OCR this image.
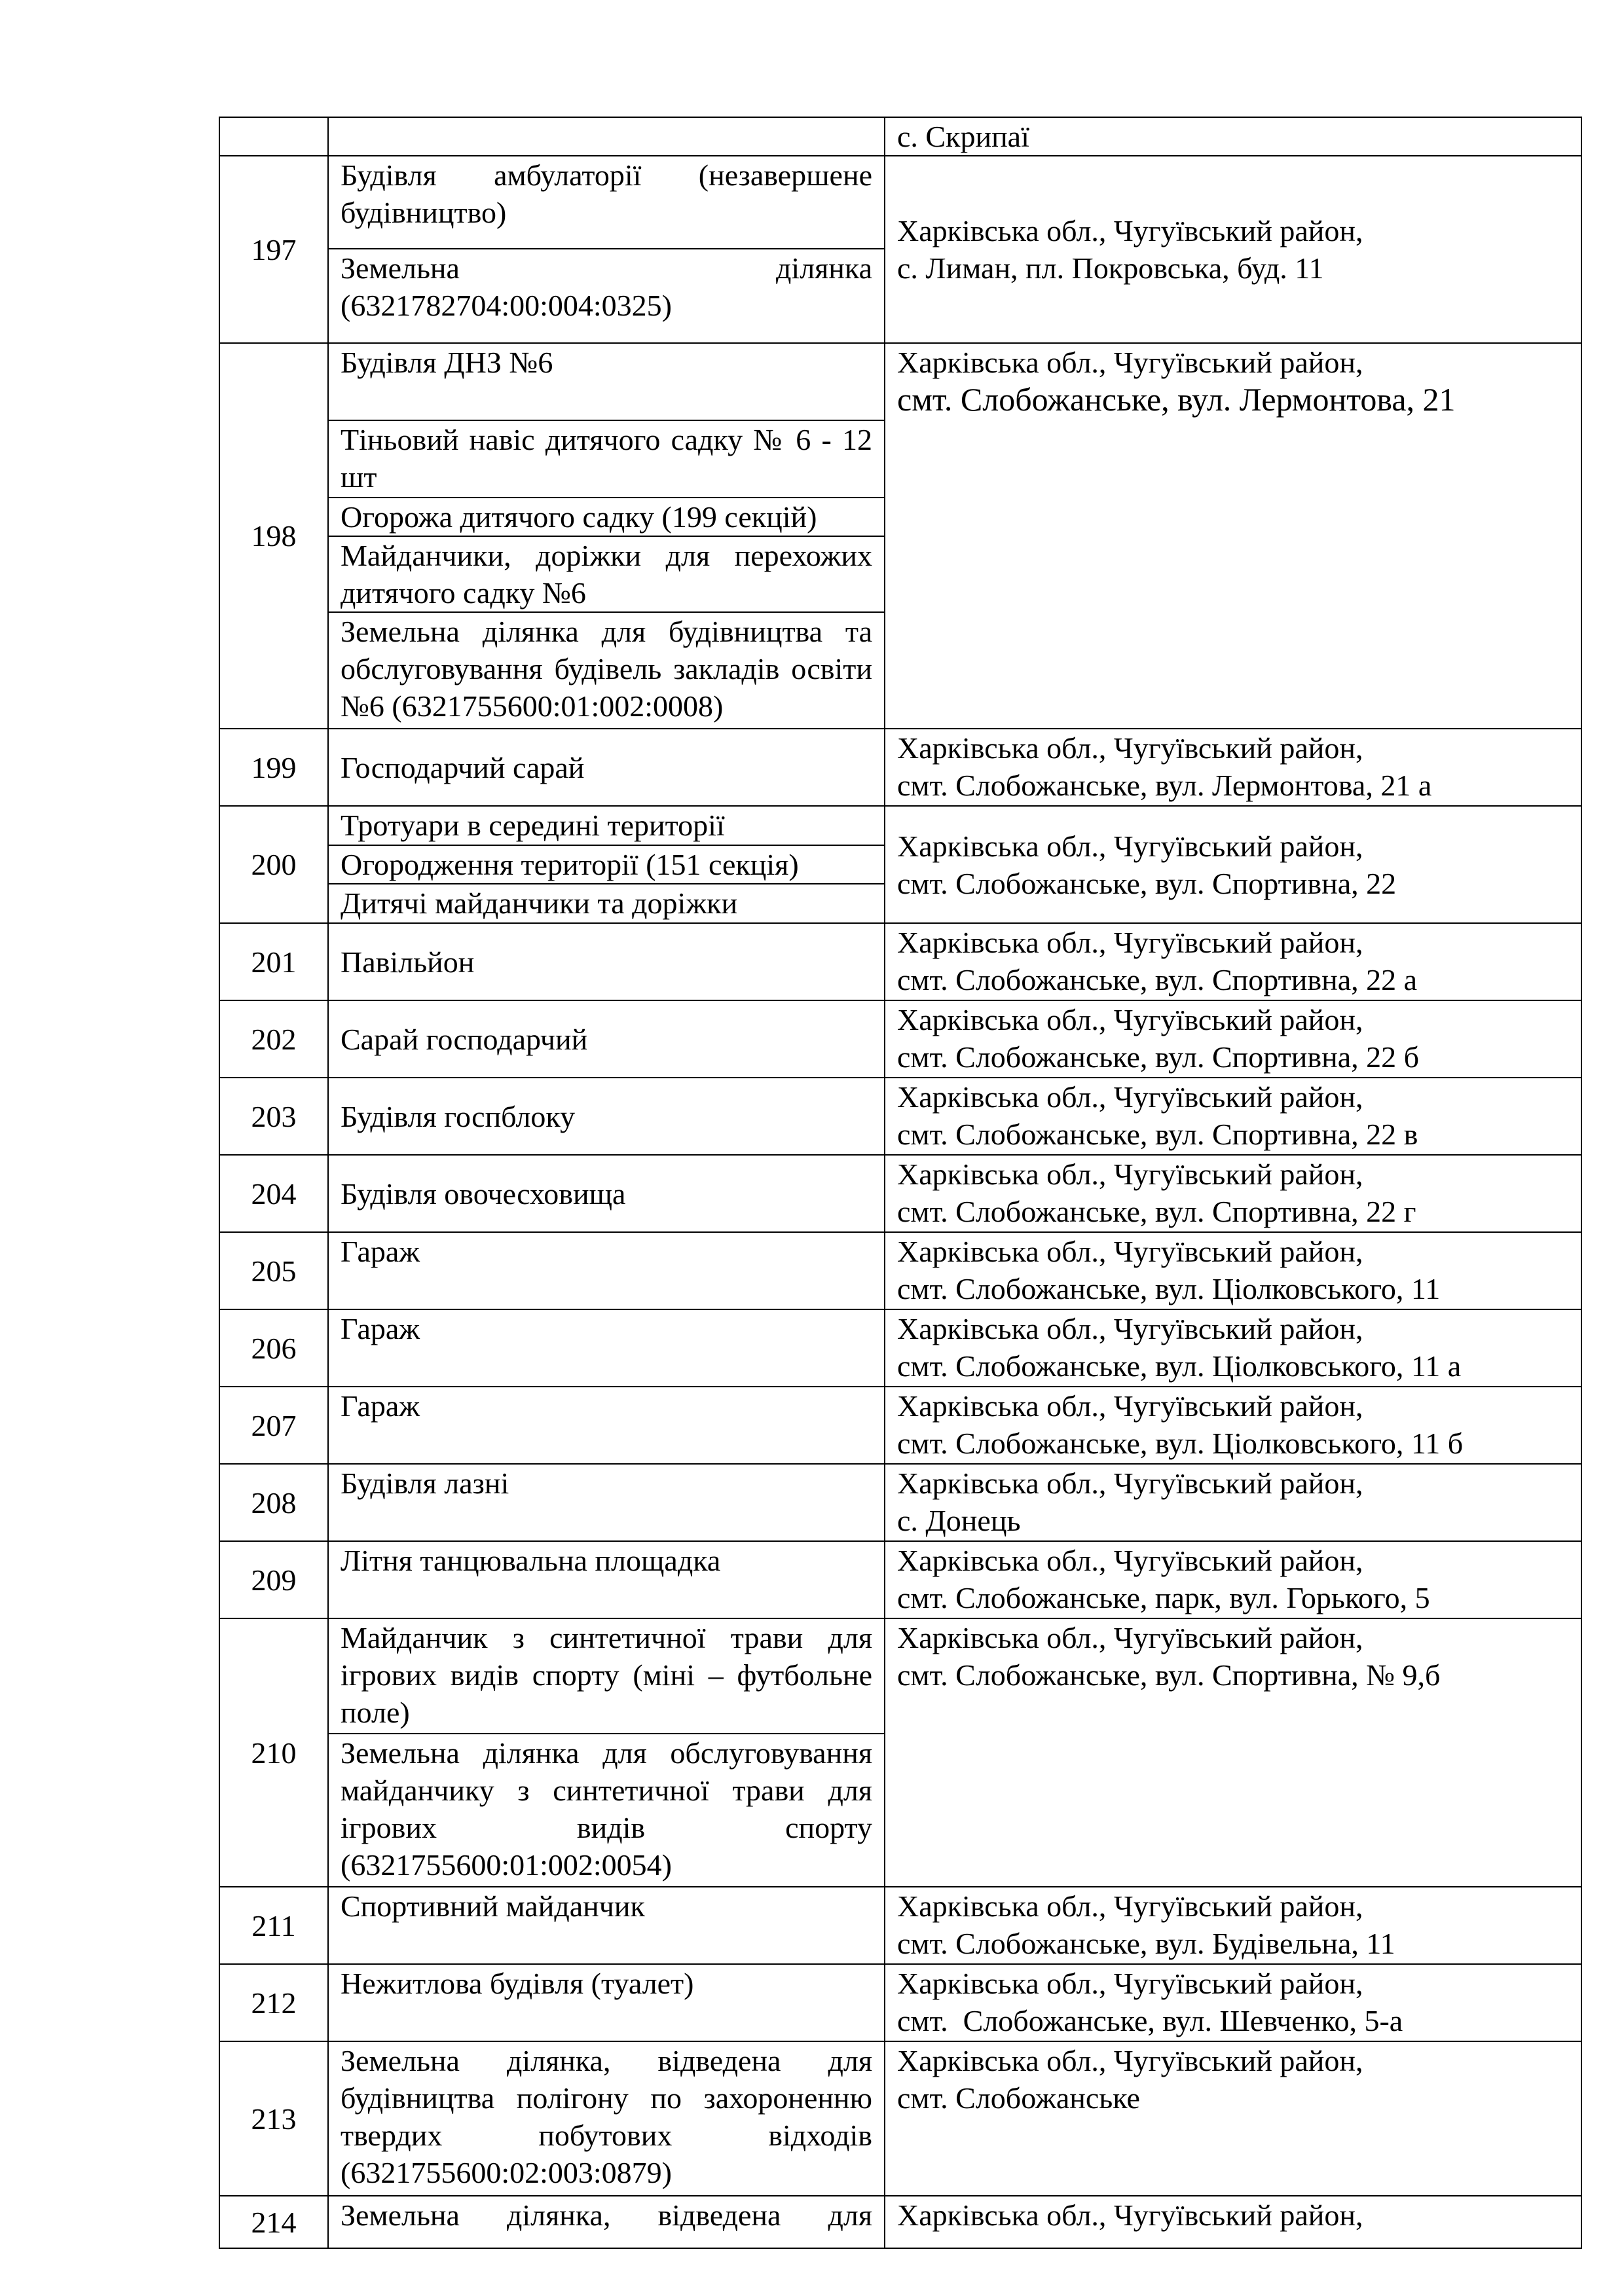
		с. Скрипаї

197	Будівля амбулаторії (незавершене будівництво)	Харківська обл., Чугуївський район,
с. Лиман, пл. Покровська, буд. 11

	Земельна ділянка (6321782704:00:004:0325)	
198	Будівля ДНЗ №6	Харківська обл., Чугуївський район,
смт. Слобожанське, вул. Лермонтова, 21

	Тіньовий навіс дитячого садку № 6 - 12 шт	
	Огорожа дитячого садку (199 секцій)	
	Майданчики, доріжки для перехожих дитячого садку №6	
	Земельна ділянка для будівництва та обслуговування будівель закладів освіти №6 (6321755600:01:002:0008)	
199	Господарчий сарай	Харківська обл., Чугуївський район,
смт. Слобожанське, вул. Лермонтова, 21 а

200	Тротуари в середині території	Харківська обл., Чугуївський район,
смт. Слобожанське, вул. Спортивна, 22

	Огородження території (151 секція)	
	Дитячі майданчики та доріжки	
201	Павільйон	Харківська обл., Чугуївський район,
смт. Слобожанське, вул. Спортивна, 22 а

202	Сарай господарчий	Харківська обл., Чугуївський район,
смт. Слобожанське, вул. Спортивна, 22 б

203	Будівля госпблоку	Харківська обл., Чугуївський район,
смт. Слобожанське, вул. Спортивна, 22 в

204	Будівля овочесховища	Харківська обл., Чугуївський район,
смт. Слобожанське, вул. Спортивна, 22 г

205	Гараж	Харківська обл., Чугуївський район,
смт. Слобожанське, вул. Ціолковського, 11

206	Гараж	Харківська обл., Чугуївський район,
смт. Слобожанське, вул. Ціолковського, 11 а

207	Гараж	Харківська обл., Чугуївський район,
смт. Слобожанське, вул. Ціолковського, 11 б

208	Будівля лазні	Харківська обл., Чугуївський район,
с. Донець

209	Літня танцювальна площадка	Харківська обл., Чугуївський район,
смт. Слобожанське, парк, вул. Горького, 5

210	Майданчик з синтетичної трави для ігрових видів спорту (міні – футбольне поле)	Харківська обл., Чугуївський район,
смт. Слобожанське, вул. Спортивна, № 9,б

	Земельна ділянка для обслуговування майданчику з синтетичної трави для ігрових видів спорту (6321755600:01:002:0054)	
211	Спортивний майданчик	Харківська обл., Чугуївський район,
смт. Слобожанське, вул. Будівельна, 11

212	Нежитлова будівля (туалет)	Харківська обл., Чугуївський район,
смт.  Слобожанське, вул. Шевченко, 5-а

213	Земельна ділянка, відведена для будівництва полігону по захороненню твердих побутових відходів (6321755600:02:003:0879)	Харківська обл., Чугуївський район,
смт. Слобожанське

214	Земельна ділянка, відведена для	Харківська обл., Чугуївський район,
